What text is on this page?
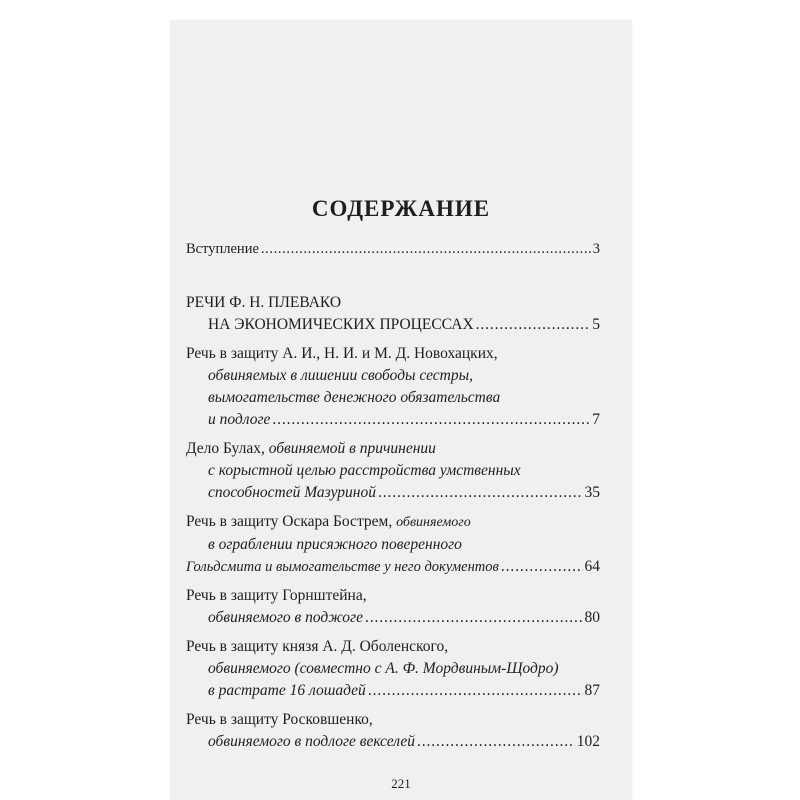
СОДЕРЖАНИЕ
221
Вступление . . .	3
РЕЧИ Ф. Н. ПЛЕВАКО
НА ЭКОНОМИЧЕСКИХ ПРОЦЕССАХ . . .	5
Речь в защиту А. И., Н. И. и М. Д. Новохацких,
обвиняемых в лишении свободы сестры,
вымогательстве денежного обязательства
и подлоге . . .	7
Дело Булах, обвиняемой в причинении
с корыстной целью расстройства умственных
способностей Мазуриной . . .	35
Речь в защиту Оскара Бострем, обвиняемого
в ограблении присяжного поверенного
Гольдсмита и вымогательстве у него документов . . .	64
Речь в защиту Горнштейна,
обвиняемого в поджоге . . .	80
Речь в защиту князя А. Д. Оболенского,
обвиняемого (совместно с А. Ф. Мордвиным-Щодро)
в растрате 16 лошадей . . .	87
Речь в защиту Росковшенко,
обвиняемого в подлоге векселей . . .	102
